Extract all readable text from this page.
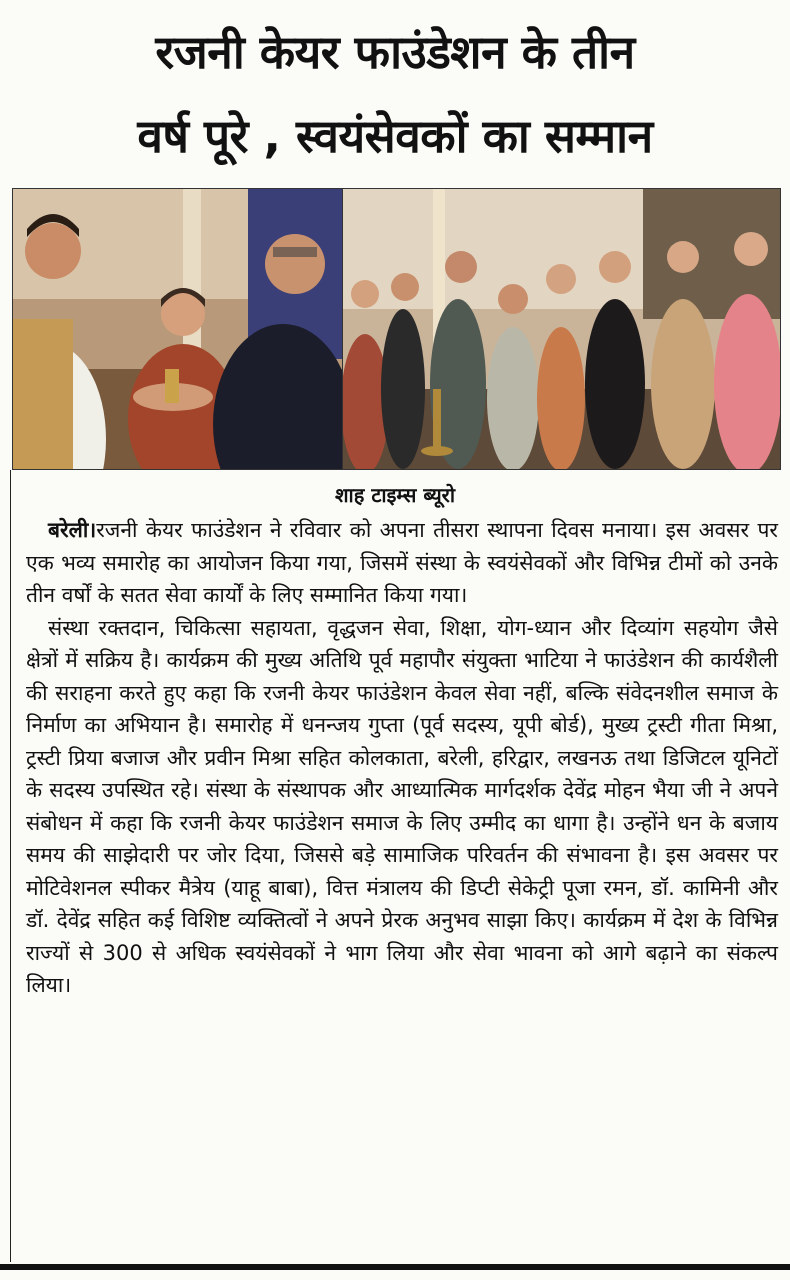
रजनी केयर फाउंडेशन के तीन
वर्ष पूरे , स्वयंसेवकों का सम्मान
शाह टाइम्स ब्यूरो

बरेली।रजनी केयर फाउंडेशन ने रविवार को अपना तीसरा स्थापना दिवस मनाया। इस अवसर पर एक भव्य समारोह का आयोजन किया गया, जिसमें संस्था के स्वयंसेवकों और विभिन्न टीमों को उनके तीन वर्षों के सतत सेवा कार्यों के लिए सम्मानित किया गया।

संस्था रक्तदान, चिकित्सा सहायता, वृद्धजन सेवा, शिक्षा, योग-ध्यान और दिव्यांग सहयोग जैसे क्षेत्रों में सक्रिय है। कार्यक्रम की मुख्य अतिथि पूर्व महापौर संयुक्ता भाटिया ने फाउंडेशन की कार्यशैली की सराहना करते हुए कहा कि रजनी केयर फाउंडेशन केवल सेवा नहीं, बल्कि संवेदनशील समाज के निर्माण का अभियान है। समारोह में धनन्जय गुप्ता (पूर्व सदस्य, यूपी बोर्ड), मुख्य ट्रस्टी गीता मिश्रा, ट्रस्टी प्रिया बजाज और प्रवीन मिश्रा सहित कोलकाता, बरेली, हरिद्वार, लखनऊ तथा डिजिटल यूनिटों के सदस्य उपस्थित रहे। संस्था के संस्थापक और आध्यात्मिक मार्गदर्शक देवेंद्र मोहन भैया जी ने अपने संबोधन में कहा कि रजनी केयर फाउंडेशन समाज के लिए उम्मीद का धागा है। उन्होंने धन के बजाय समय की साझेदारी पर जोर दिया, जिससे बड़े सामाजिक परिवर्तन की संभावना है। इस अवसर पर मोटिवेशनल स्पीकर मैत्रेय (याहू बाबा), वित्त मंत्रालय की डिप्टी सेकेट्री पूजा रमन, डॉ. कामिनी और डॉ. देवेंद्र सहित कई विशिष्ट व्यक्तित्वों ने अपने प्रेरक अनुभव साझा किए। कार्यक्रम में देश के विभिन्न राज्यों से 300 से अधिक स्वयंसेवकों ने भाग लिया और सेवा भावना को आगे बढ़ाने का संकल्प लिया।
